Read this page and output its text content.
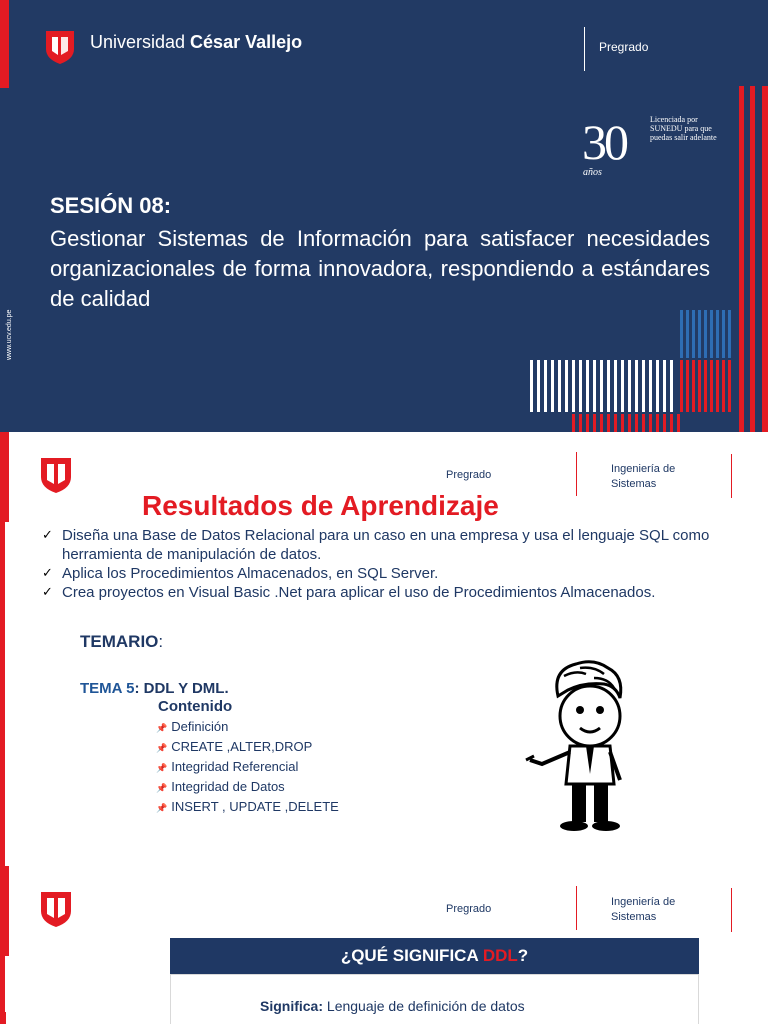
Universidad César Vallejo	Pregrado
30
años
Licenciada por SUNEDU para que puedas salir adelante
www.ucv.edu.pe
SESIÓN 08:
Gestionar Sistemas de Información para satisfacer necesidades organizacionales de forma innovadora, respondiendo a estándares de calidad
Pregrado	Ingeniería de
Sistemas
Resultados de Aprendizaje
✓ Diseña una Base de Datos Relacional para un caso en una empresa y usa el lenguaje SQL como herramienta de manipulación de datos.
✓ Aplica los Procedimientos Almacenados, en SQL Server.
✓ Crea proyectos en Visual Basic .Net para aplicar el uso de Procedimientos Almacenados.
TEMARIO:
TEMA 5: DDL Y DML.
Contenido
📌 Definición
📌 CREATE ,ALTER,DROP
📌 Integridad Referencial
📌 Integridad de Datos
📌 INSERT , UPDATE ,DELETE
Pregrado
Ingeniería de
Sistemas
¿QUÉ SIGNIFICA DDL?
Significa: Lenguaje de definición de datos
